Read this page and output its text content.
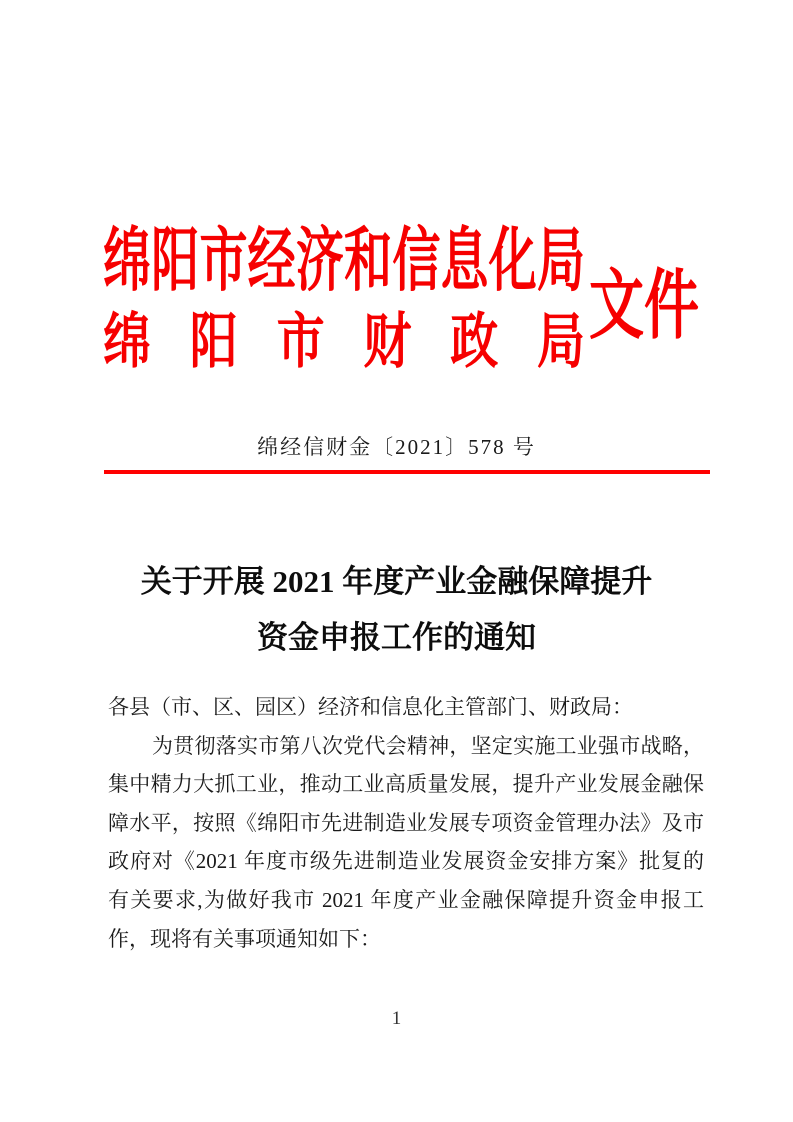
绵阳市经济和信息化局
绵阳市财政局 文件
绵经信财金〔2021〕578 号
关于开展 2021 年度产业金融保障提升
资金申报工作的通知
各县（市、区、园区）经济和信息化主管部门、财政局：
为贯彻落实市第八次党代会精神，坚定实施工业强市战略，
集中精力大抓工业，推动工业高质量发展，提升产业发展金融保
障水平，按照《绵阳市先进制造业发展专项资金管理办法》及市
政府对《2021 年度市级先进制造业发展资金安排方案》批复的
有关要求,为做好我市 2021 年度产业金融保障提升资金申报工
作，现将有关事项通知如下：
1
